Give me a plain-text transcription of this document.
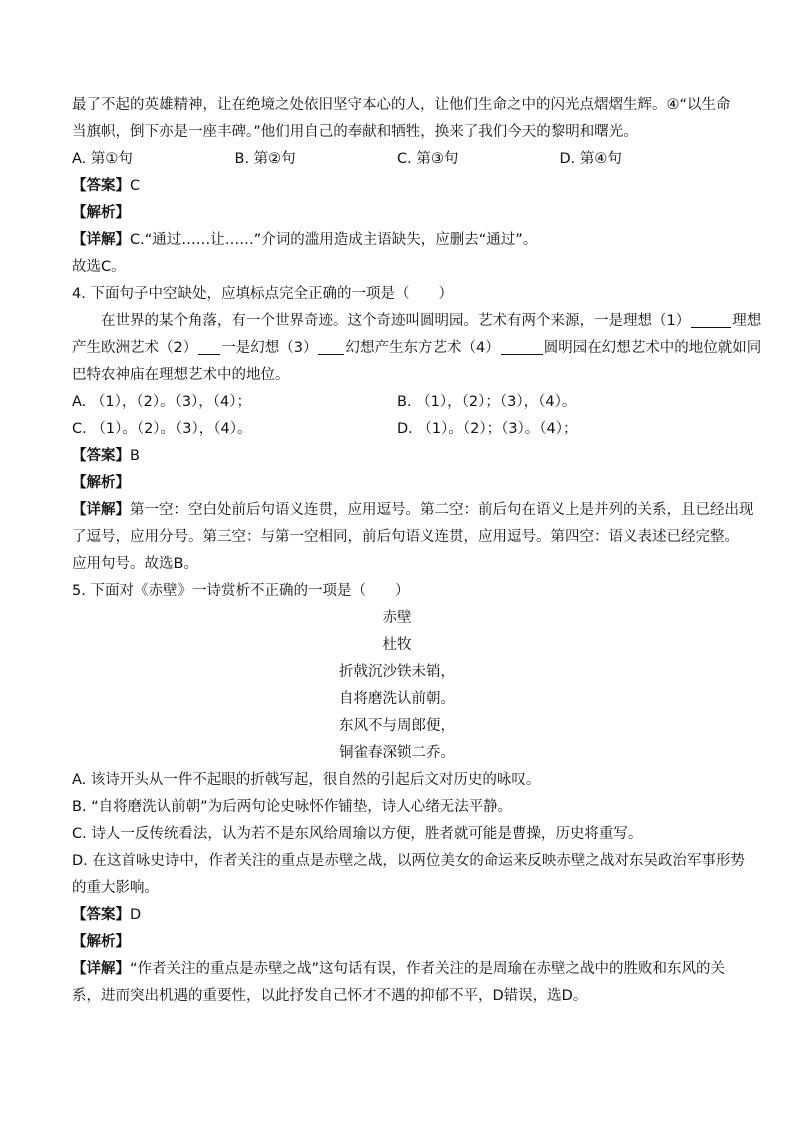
最了不起的英雄精神，让在绝境之处依旧坚守本心的人，让他们生命之中的闪光点熠熠生辉。④“以生命
当旗帜，倒下亦是一座丰碑。”他们用自己的奉献和牺牲，换来了我们今天的黎明和曙光。
A. 第①句	B. 第②句	C. 第③句	D. 第④句
【答案】C
【解析】
【详解】C.“通过……让……”介词的滥用造成主语缺失，应删去“通过”。
故选C。
4. 下面句子中空缺处，应填标点完全正确的一项是（　　）
在世界的某个角落，有一个世界奇迹。这个奇迹叫圆明园。艺术有两个来源，一是理想（1）	理想
产生欧洲艺术（2） 一是幻想（3） 幻想产生东方艺术（4）	圆明园在幻想艺术中的地位就如同
巴特农神庙在理想艺术中的地位。
A. （1），（2）。（3），（4）；	B. （1），（2）；（3），（4）。
C. （1）。（2）。（3），（4）。	D. （1）。（2）；（3）。（4）；
【答案】B
【解析】
【详解】第一空：空白处前后句语义连贯，应用逗号。第二空：前后句在语义上是并列的关系，且已经出现
了逗号，应用分号。第三空：与第一空相同，前后句语义连贯，应用逗号。第四空：语义表述已经完整。
应用句号。故选B。
5. 下面对《赤壁》一诗赏析不正确的一项是（　　）
赤壁
杜牧
折戟沉沙铁未销，
自将磨洗认前朝。
东风不与周郎便，
铜雀春深锁二乔。
A. 该诗开头从一件不起眼的折戟写起，很自然的引起后文对历史的咏叹。
B. “自将磨洗认前朝”为后两句论史咏怀作铺垫，诗人心绪无法平静。
C. 诗人一反传统看法，认为若不是东风给周瑜以方便，胜者就可能是曹操，历史将重写。
D. 在这首咏史诗中，作者关注的重点是赤壁之战，以两位美女的命运来反映赤壁之战对东吴政治军事形势
的重大影响。
【答案】D
【解析】
【详解】“作者关注的重点是赤壁之战”这句话有误，作者关注的是周瑜在赤壁之战中的胜败和东风的关
系，进而突出机遇的重要性，以此抒发自己怀才不遇的抑郁不平，D错误，选D。
